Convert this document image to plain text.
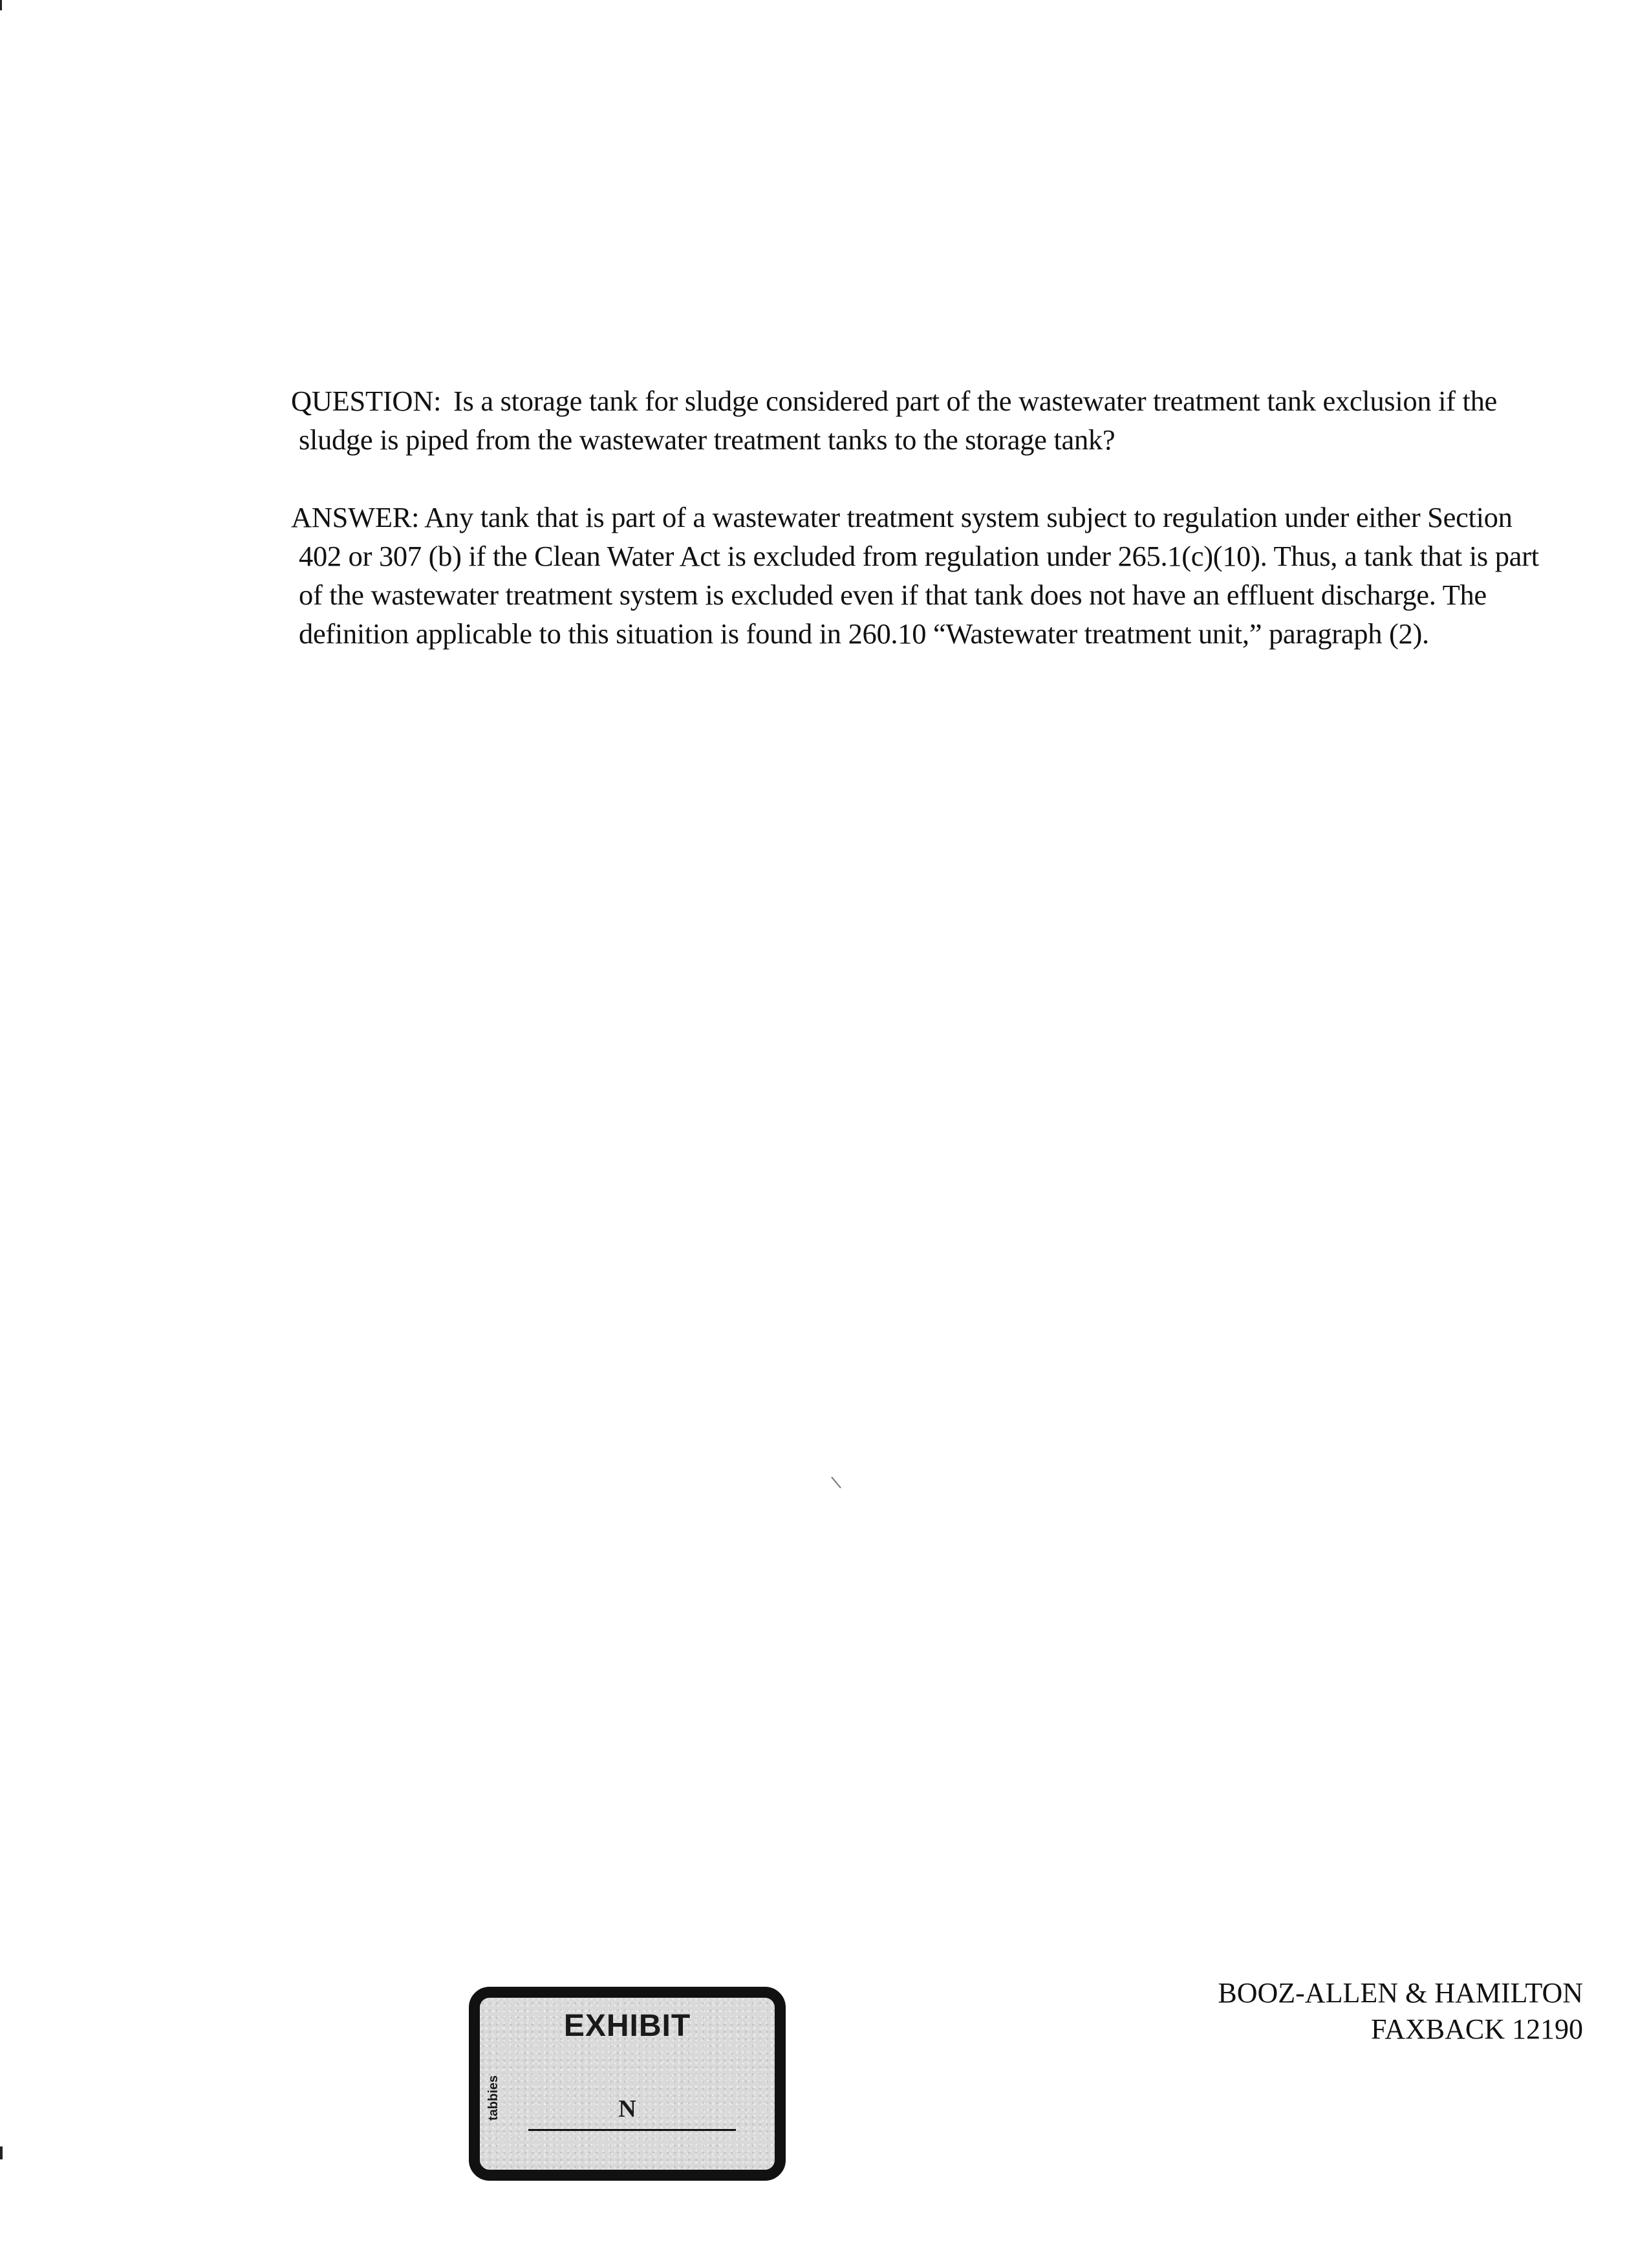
QUESTION: Is a storage tank for sludge considered part of the wastewater treatment tank exclusion if the sludge is piped from the wastewater treatment tanks to the storage tank?

ANSWER: Any tank that is part of a wastewater treatment system subject to regulation under either Section 402 or 307 (b) if the Clean Water Act is excluded from regulation under 265.1(c)(10). Thus, a tank that is part of the wastewater treatment system is excluded even if that tank does not have an effluent discharge. The definition applicable to this situation is found in 260.10 “Wastewater treatment unit,” paragraph (2).

EXHIBIT
tabbies	N
BOOZ-ALLEN & HAMILTON
FAXBACK 12190
